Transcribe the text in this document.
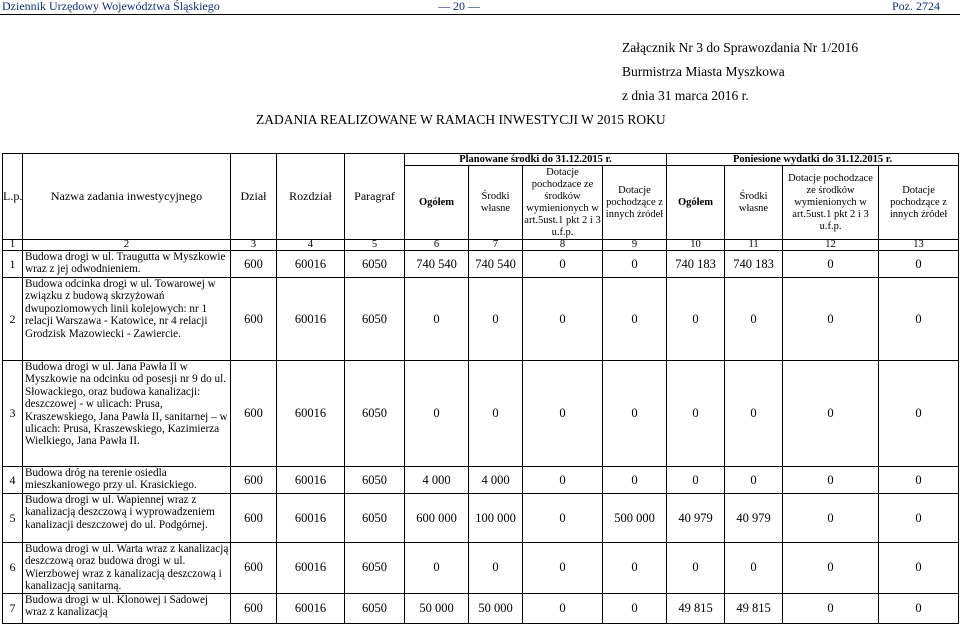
Dziennik Urzędowy Województwa Śląskiego	— 20 —	Poz. 2724
Załącznik Nr 3 do Sprawozdania Nr 1/2016
Burmistrza Miasta Myszkowa
z dnia 31 marca 2016 r.
ZADANIA REALIZOWANE W RAMACH INWESTYCJI W 2015 ROKU
L.p.	Nazwa zadania inwestycyjnego	Dział	Rozdział	Paragraf	Planowane środki do 31.12.2015 r.				Poniesione wydatki do 31.12.2015 r.			
					Ogółem	Środki własne	Dotacje pochodzace ze środków wymienionych w art.5ust.1 pkt 2 i 3 u.f.p.	Dotacje pochodzące z innych źródeł	Ogółem	Środki własne	Dotacje pochodzace ze środków wymienionych w art.5ust.1 pkt 2 i 3 u.f.p.	Dotacje pochodzące z innych źródeł
1	2	3	4	5	6	7	8	9	10	11	12	13
1	Budowa drogi w ul. Traugutta w Myszkowie wraz z jej odwodnieniem.	600	60016	6050	740 540	740 540	0	0	740 183	740 183	0	0
2	Budowa odcinka drogi w ul. Towarowej w związku z budową skrzyżowań dwupoziomowych linii kolejowych: nr 1 relacji Warszawa - Katowice, nr 4 relacji Grodzisk Mazowiecki - Zawiercie.	600	60016	6050	0	0	0	0	0	0	0	0
3	Budowa drogi w ul. Jana Pawła II w Myszkowie na odcinku od posesji nr 9 do ul. Słowackiego, oraz budowa kanalizacji: deszczowej - w ulicach: Prusa, Kraszewskiego, Jana Pawła II, sanitarnej – w ulicach: Prusa, Kraszewskiego, Kazimierza Wielkiego, Jana Pawła II.	600	60016	6050	0	0	0	0	0	0	0	0
4	Budowa dróg na terenie osiedla mieszkaniowego przy ul. Krasickiego.	600	60016	6050	4 000	4 000	0	0	0	0	0	0
5	Budowa drogi w ul. Wapiennej wraz z kanalizacją deszczową i wyprowadzeniem kanalizacji deszczowej do ul. Podgórnej.	600	60016	6050	600 000	100 000	0	500 000	40 979	40 979	0	0
6	Budowa drogi w ul. Warta wraz z kanalizacją deszczową oraz budowa drogi w ul. Wierzbowej wraz z kanalizacją deszczową i kanalizacją sanitarną.	600	60016	6050	0	0	0	0	0	0	0	0
7	Budowa drogi w ul. Klonowej i Sadowej wraz z kanalizacją	600	60016	6050	50 000	50 000	0	0	49 815	49 815	0	0
